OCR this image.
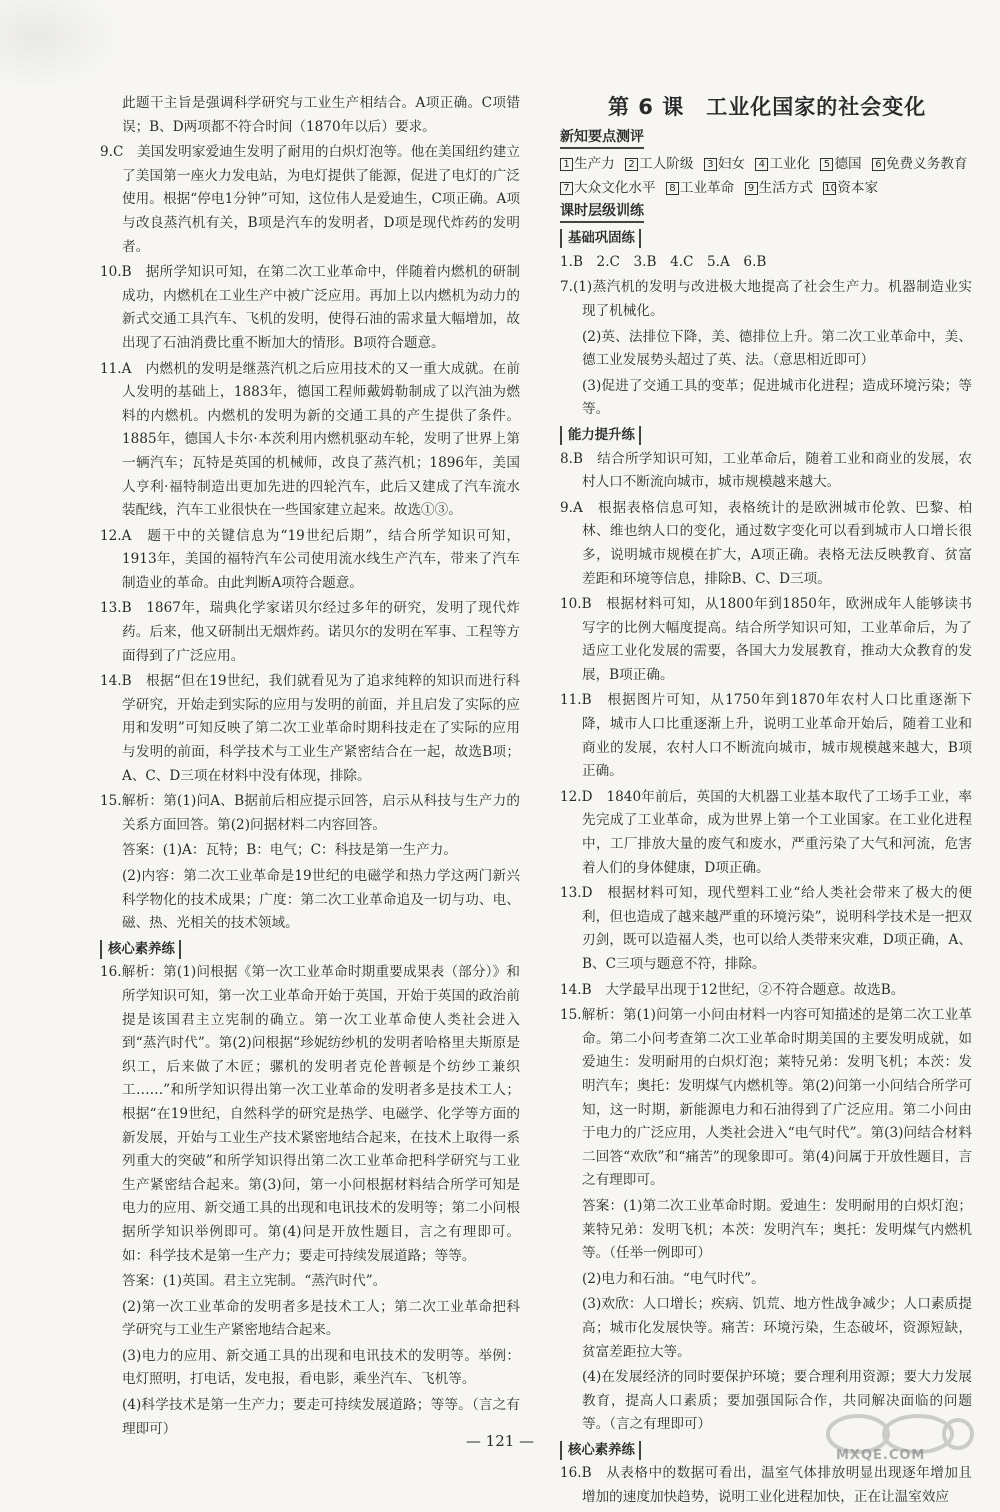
此题干主旨是强调科学研究与工业生产相结合。A项正确。C项错误；B、D两项都不符合时间（1870年以后）要求。

9.C　美国发明家爱迪生发明了耐用的白炽灯泡等。他在美国纽约建立了美国第一座火力发电站，为电灯提供了能源，促进了电灯的广泛使用。根据“停电1分钟”可知，这位伟人是爱迪生，C项正确。A项与改良蒸汽机有关，B项是汽车的发明者，D项是现代炸药的发明者。

10.B　据所学知识可知，在第二次工业革命中，伴随着内燃机的研制成功，内燃机在工业生产中被广泛应用。再加上以内燃机为动力的新式交通工具汽车、飞机的发明，使得石油的需求量大幅增加，故出现了石油消费比重不断加大的情形。B项符合题意。

11.A　内燃机的发明是继蒸汽机之后应用技术的又一重大成就。在前人发明的基础上，1883年，德国工程师戴姆勒制成了以汽油为燃料的内燃机。内燃机的发明为新的交通工具的产生提供了条件。1885年，德国人卡尔·本茨利用内燃机驱动车轮，发明了世界上第一辆汽车；瓦特是英国的机械师，改良了蒸汽机；1896年，美国人亨利·福特制造出更加先进的四轮汽车，此后又建成了汽车流水装配线，汽车工业很快在一些国家建立起来。故选①③。

12.A　题干中的关键信息为“19世纪后期”，结合所学知识可知，1913年，美国的福特汽车公司使用流水线生产汽车，带来了汽车制造业的革命。由此判断A项符合题意。

13.B　1867年，瑞典化学家诺贝尔经过多年的研究，发明了现代炸药。后来，他又研制出无烟炸药。诺贝尔的发明在军事、工程等方面得到了广泛应用。

14.B　根据“但在19世纪，我们就看见为了追求纯粹的知识而进行科学研究，开始走到实际的应用与发明的前面，并且启发了实际的应用和发明”可知反映了第二次工业革命时期科技走在了实际的应用与发明的前面，科学技术与工业生产紧密结合在一起，故选B项；A、C、D三项在材料中没有体现，排除。

15.解析：第(1)问A、B据前后相应提示回答，启示从科技与生产力的关系方面回答。第(2)问据材料二内容回答。

答案：(1)A：瓦特；B：电气；C：科技是第一生产力。

(2)内容：第二次工业革命是19世纪的电磁学和热力学这两门新兴科学物化的技术成果；广度：第二次工业革命追及一切与功、电、磁、热、光相关的技术领域。

核心素养练

16.解析：第(1)问根据《第一次工业革命时期重要成果表（部分）》和所学知识可知，第一次工业革命开始于英国，开始于英国的政治前提是该国君主立宪制的确立。第一次工业革命使人类社会进入到“蒸汽时代”。第(2)问根据“珍妮纺纱机的发明者哈格里夫斯原是织工，后来做了木匠；骡机的发明者克伦普顿是个纺纱工兼织工……”和所学知识得出第一次工业革命的发明者多是技术工人；根据“在19世纪，自然科学的研究是热学、电磁学、化学等方面的新发展，开始与工业生产技术紧密地结合起来，在技术上取得一系列重大的突破”和所学知识得出第二次工业革命把科学研究与工业生产紧密结合起来。第(3)问，第一小问根据材料结合所学可知是电力的应用、新交通工具的出现和电讯技术的发明等；第二小问根据所学知识举例即可。第(4)问是开放性题目，言之有理即可。如：科学技术是第一生产力；要走可持续发展道路；等等。

答案：(1)英国。君主立宪制。“蒸汽时代”。

(2)第一次工业革命的发明者多是技术工人；第二次工业革命把科学研究与工业生产紧密地结合起来。

(3)电力的应用、新交通工具的出现和电讯技术的发明等。举例：电灯照明，打电话，发电报，看电影，乘坐汽车、飞机等。

(4)科学技术是第一生产力；要走可持续发展道路；等等。（言之有理即可）

第 6 课　工业化国家的社会变化
新知要点测评
1 生产力 2 工人阶级 3 妇女 4 工业化 5 德国 6 免费义务教育 7 大众文化水平 8 工业革命 9 生活方式 10资本家
课时层级训练
基础巩固练

1.B　2.C　3.B　4.C　5.A　6.B

7.(1)蒸汽机的发明与改进极大地提高了社会生产力。机器制造业实现了机械化。

(2)英、法排位下降，美、德排位上升。第二次工业革命中，美、德工业发展势头超过了英、法。（意思相近即可）

(3)促进了交通工具的变革；促进城市化进程；造成环境污染；等等。

能力提升练

8.B　结合所学知识可知，工业革命后，随着工业和商业的发展，农村人口不断流向城市，城市规模越来越大。

9.A　根据表格信息可知，表格统计的是欧洲城市伦敦、巴黎、柏林、维也纳人口的变化，通过数字变化可以看到城市人口增长很多，说明城市规模在扩大，A项正确。表格无法反映教育、贫富差距和环境等信息，排除B、C、D三项。

10.B　根据材料可知，从1800年到1850年，欧洲成年人能够读书写字的比例大幅度提高。结合所学知识可知，工业革命后，为了适应工业化发展的需要，各国大力发展教育，推动大众教育的发展，B项正确。

11.B　根据图片可知，从1750年到1870年农村人口比重逐渐下降，城市人口比重逐渐上升，说明工业革命开始后，随着工业和商业的发展，农村人口不断流向城市，城市规模越来越大，B项正确。

12.D　1840年前后，英国的大机器工业基本取代了工场手工业，率先完成了工业革命，成为世界上第一个工业国家。在工业化进程中，工厂排放大量的废气和废水，严重污染了大气和河流，危害着人们的身体健康，D项正确。

13.D　根据材料可知，现代塑料工业“给人类社会带来了极大的便利，但也造成了越来越严重的环境污染”，说明科学技术是一把双刃剑，既可以造福人类，也可以给人类带来灾难，D项正确，A、B、C三项与题意不符，排除。

14.B　大学最早出现于12世纪，②不符合题意。故选B。

15.解析：第(1)问第一小问由材料一内容可知描述的是第二次工业革命。第二小问考查第二次工业革命时期美国的主要发明成就，如爱迪生：发明耐用的白炽灯泡；莱特兄弟：发明飞机；本茨：发明汽车；奥托：发明煤气内燃机等。第(2)问第一小问结合所学可知，这一时期，新能源电力和石油得到了广泛应用。第二小问由于电力的广泛应用，人类社会进入“电气时代”。第(3)问结合材料二回答“欢欣”和“痛苦”的现象即可。第(4)问属于开放性题目，言之有理即可。

答案：(1)第二次工业革命时期。爱迪生：发明耐用的白炽灯泡；莱特兄弟：发明飞机；本茨：发明汽车；奥托：发明煤气内燃机等。（任举一例即可）

(2)电力和石油。“电气时代”。

(3)欢欣：人口增长；疾病、饥荒、地方性战争减少；人口素质提高；城市化发展快等。痛苦：环境污染，生态破坏，资源短缺，贫富差距拉大等。

(4)在发展经济的同时要保护环境；要合理利用资源；要大力发展教育，提高人口素质；要加强国际合作，共同解决面临的问题等。（言之有理即可）

核心素养练

16.B　从表格中的数据可看出，温室气体排放明显出现逐年增加且增加的速度加快趋势，说明工业化进程加快，正在让温室效应

— 121 —
MXQE.COM
